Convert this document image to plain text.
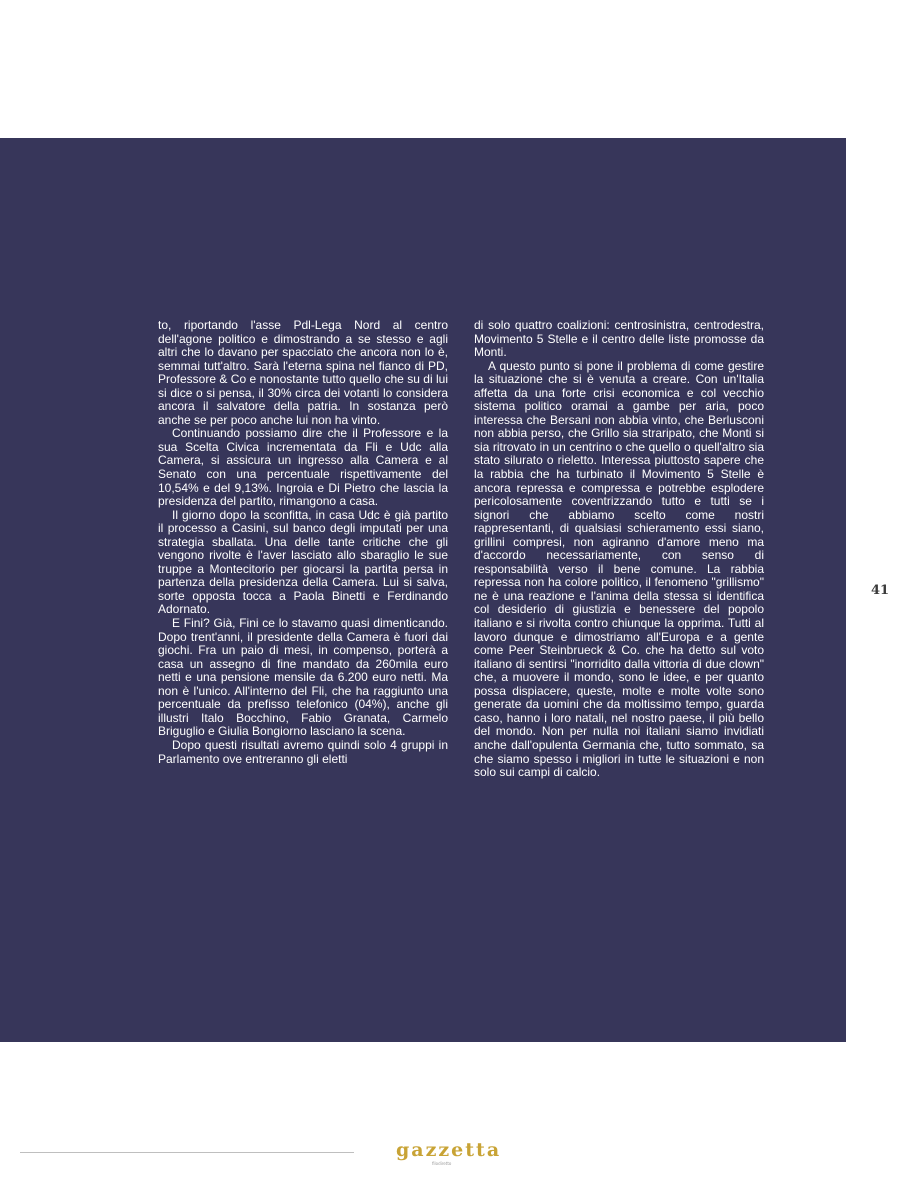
to, riportando l'asse Pdl-Lega Nord al centro dell'agone politico e dimostrando a se stesso e agli altri che lo davano per spacciato che ancora non lo è, semmai tutt'altro. Sarà l'eterna spina nel fianco di PD, Professore & Co e nonostante tutto quello che su di lui si dice o si pensa, il 30% circa dei votanti lo considera ancora il salvatore della patria. In sostanza però anche se per poco anche lui non ha vinto.

Continuando possiamo dire che il Professore e la sua Scelta Civica incrementata da Fli e Udc alla Camera, si assicura un ingresso alla Camera e al Senato con una percentuale rispettivamente del 10,54% e del 9,13%. Ingroia e Di Pietro che lascia la presidenza del partito, rimangono a casa.

Il giorno dopo la sconfitta, in casa Udc è già partito il processo a Casini, sul banco degli imputati per una strategia sballata. Una delle tante critiche che gli vengono rivolte è l'aver lasciato allo sbaraglio le sue truppe a Montecitorio per giocarsi la partita persa in partenza della presidenza della Camera. Lui si salva, sorte opposta tocca a Paola Binetti e Ferdinando Adornato.

E Fini? Già, Fini ce lo stavamo quasi dimenticando. Dopo trent'anni, il presidente della Camera è fuori dai giochi. Fra un paio di mesi, in compenso, porterà a casa un assegno di fine mandato da 260mila euro netti e una pensione mensile da 6.200 euro netti. Ma non è l'unico. All'interno del Fli, che ha raggiunto una percentuale da prefisso telefonico (04%), anche gli illustri Italo Bocchino, Fabio Granata, Carmelo Briguglio e Giulia Bongiorno lasciano la scena.

Dopo questi risultati avremo quindi solo 4 gruppi in Parlamento ove entreranno gli eletti

di solo quattro coalizioni: centrosinistra, centrodestra, Movimento 5 Stelle e il centro delle liste promosse da Monti.

A questo punto si pone il problema di come gestire la situazione che si è venuta a creare. Con un'Italia affetta da una forte crisi economica e col vecchio sistema politico oramai a gambe per aria, poco interessa che Bersani non abbia vinto, che Berlusconi non abbia perso, che Grillo sia straripato, che Monti si sia ritrovato in un centrino o che quello o quell'altro sia stato silurato o rieletto. Interessa piuttosto sapere che la rabbia che ha turbinato il Movimento 5 Stelle è ancora repressa e compressa e potrebbe esplodere pericolosamente coventrizzando tutto e tutti se i signori che abbiamo scelto come nostri rappresentanti, di qualsiasi schieramento essi siano, grillini compresi, non agiranno d'amore meno ma d'accordo necessariamente, con senso di responsabilità verso il bene comune. La rabbia repressa non ha colore politico, il fenomeno "grillismo" ne è una reazione e l'anima della stessa si identifica col desiderio di giustizia e benessere del popolo italiano e si rivolta contro chiunque la opprima. Tutti al lavoro dunque e dimostriamo all'Europa e a gente come Peer Steinbrueck & Co. che ha detto sul voto italiano di sentirsi "inorridito dalla vittoria di due clown" che, a muovere il mondo, sono le idee, e per quanto possa dispiacere, queste, molte e molte volte sono generate da uomini che da moltissimo tempo, guarda caso, hanno i loro natali, nel nostro paese, il più bello del mondo. Non per nulla noi italiani siamo invidiati anche dall'opulenta Germania che, tutto sommato, sa che siamo spesso i migliori in tutte le situazioni e non solo sui campi di calcio.

41
gazzetta
filodiretto
